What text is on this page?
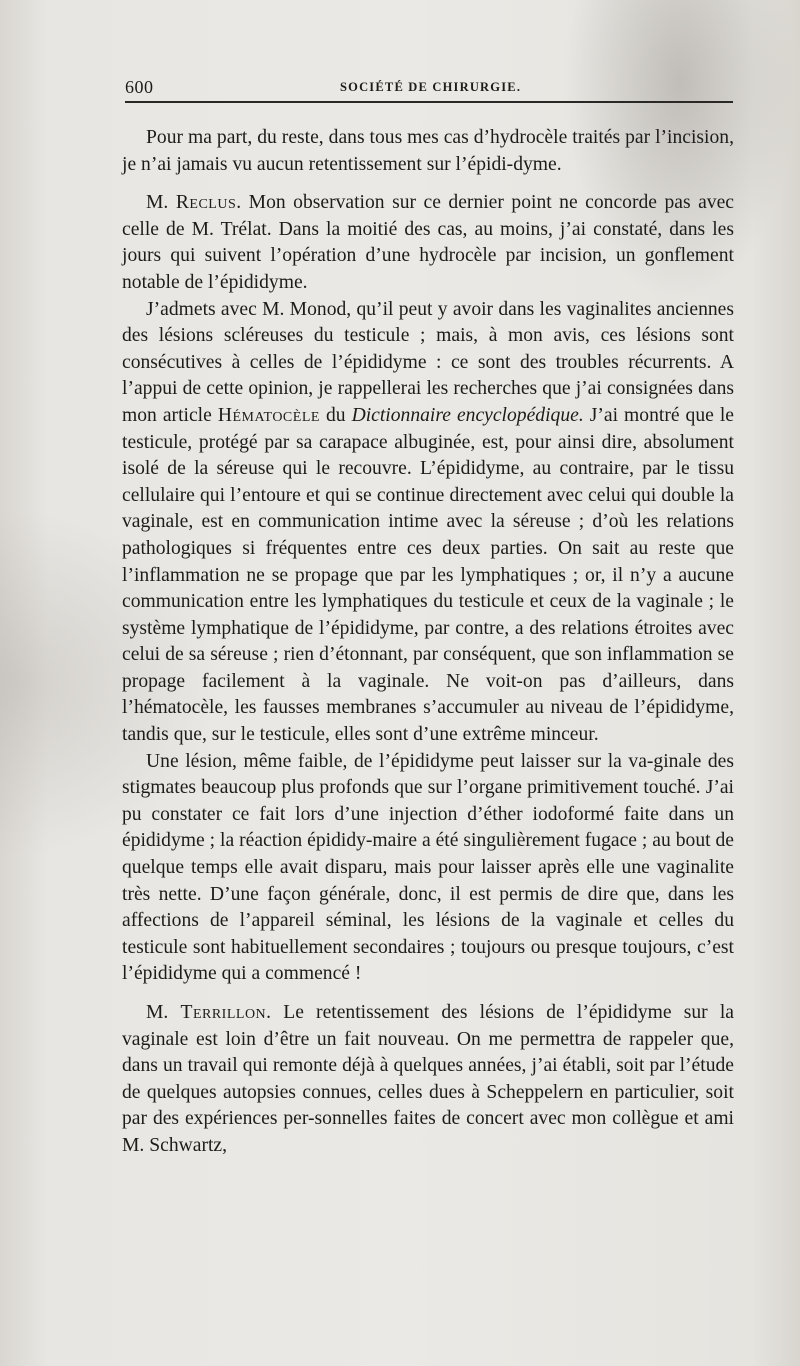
600	SOCIÉTÉ DE CHIRURGIE.

Pour ma part, du reste, dans tous mes cas d’hydrocèle traités par l’incision, je n’ai jamais vu aucun retentissement sur l’épidi-dyme.

M. Reclus. Mon observation sur ce dernier point ne concorde pas avec celle de M. Trélat. Dans la moitié des cas, au moins, j’ai constaté, dans les jours qui suivent l’opération d’une hydrocèle par incision, un gonflement notable de l’épididyme.

J’admets avec M. Monod, qu’il peut y avoir dans les vaginalites anciennes des lésions scléreuses du testicule ; mais, à mon avis, ces lésions sont consécutives à celles de l’épididyme : ce sont des troubles récurrents. A l’appui de cette opinion, je rappellerai les recherches que j’ai consignées dans mon article Hématocèle du Dictionnaire encyclopédique. J’ai montré que le testicule, protégé par sa carapace albuginée, est, pour ainsi dire, absolument isolé de la séreuse qui le recouvre. L’épididyme, au contraire, par le tissu cellulaire qui l’entoure et qui se continue directement avec celui qui double la vaginale, est en communication intime avec la séreuse ; d’où les relations pathologiques si fréquentes entre ces deux parties. On sait au reste que l’inflammation ne se propage que par les lymphatiques ; or, il n’y a aucune communication entre les lymphatiques du testicule et ceux de la vaginale ; le système lymphatique de l’épididyme, par contre, a des relations étroites avec celui de sa séreuse ; rien d’étonnant, par conséquent, que son inflammation se propage facilement à la vaginale. Ne voit-on pas d’ailleurs, dans l’hématocèle, les fausses membranes s’accumuler au niveau de l’épididyme, tandis que, sur le testicule, elles sont d’une extrême minceur.

Une lésion, même faible, de l’épididyme peut laisser sur la va-ginale des stigmates beaucoup plus profonds que sur l’organe primitivement touché. J’ai pu constater ce fait lors d’une injection d’éther iodoformé faite dans un épididyme ; la réaction épididy-maire a été singulièrement fugace ; au bout de quelque temps elle avait disparu, mais pour laisser après elle une vaginalite très nette. D’une façon générale, donc, il est permis de dire que, dans les affections de l’appareil séminal, les lésions de la vaginale et celles du testicule sont habituellement secondaires ; toujours ou presque toujours, c’est l’épididyme qui a commencé !

M. Terrillon. Le retentissement des lésions de l’épididyme sur la vaginale est loin d’être un fait nouveau. On me permettra de rappeler que, dans un travail qui remonte déjà à quelques années, j’ai établi, soit par l’étude de quelques autopsies connues, celles dues à Scheppelern en particulier, soit par des expériences per-sonnelles faites de concert avec mon collègue et ami M. Schwartz,
